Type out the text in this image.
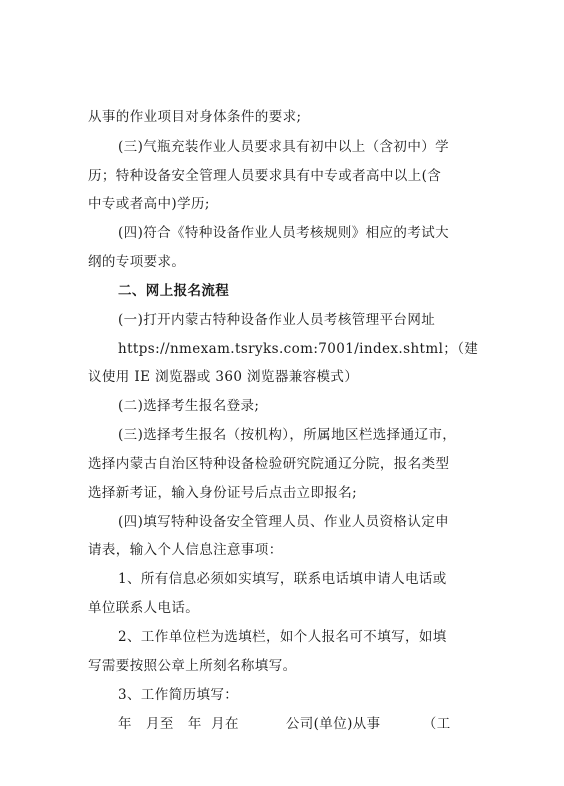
从事的作业项目对身体条件的要求;
(三)气瓶充装作业人员要求具有初中以上（含初中）学
历；特种设备安全管理人员要求具有中专或者高中以上(含
中专或者高中)学历;
(四)符合《特种设备作业人员考核规则》相应的考试大
纲的专项要求。
二、网上报名流程
(一)打开内蒙古特种设备作业人员考核管理平台网址
https://nmexam.tsryks.com:7001/index.shtml；（建
议使用 IE 浏览器或 360 浏览器兼容模式）
(二)选择考生报名登录;
(三)选择考生报名（按机构），所属地区栏选择通辽市，
选择内蒙古自治区特种设备检验研究院通辽分院，报名类型
选择新考证，输入身份证号后点击立即报名;
(四)填写特种设备安全管理人员、作业人员资格认定申
请表，输入个人信息注意事项：
1、所有信息必须如实填写，联系电话填申请人电话或
单位联系人电话。
2、工作单位栏为选填栏，如个人报名可不填写，如填
写需要按照公章上所刻名称填写。
3、工作简历填写：
年   月至   年  月在          公司(单位)从事         （工
